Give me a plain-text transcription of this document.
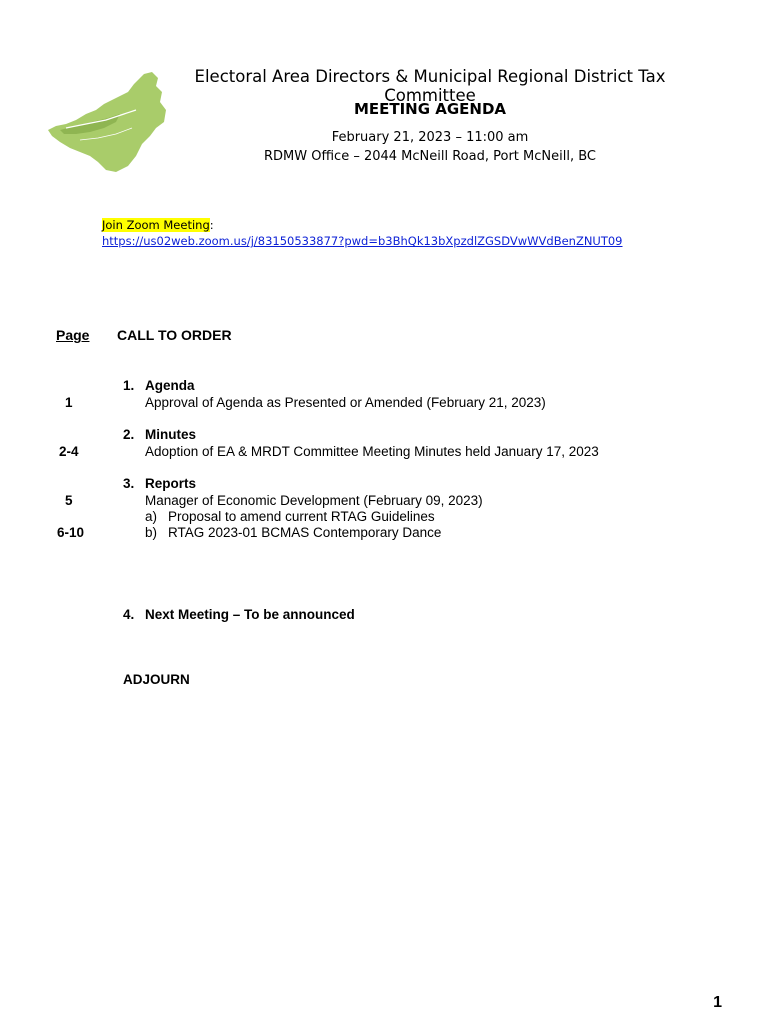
Electoral Area Directors & Municipal Regional District Tax Committee
MEETING AGENDA
February 21, 2023 – 11:00 am
RDMW Office – 2044 McNeill Road, Port McNeill, BC
Join Zoom Meeting:
https://us02web.zoom.us/j/83150533877?pwd=b3BhQk13bXpzdlZGSDVwWVdBenZNUT09
Page CALL TO ORDER
1. Agenda
Approval of Agenda as Presented or Amended (February 21, 2023)
1
2. Minutes
Adoption of EA & MRDT Committee Meeting Minutes held January 17, 2023
2-4
3. Reports
Manager of Economic Development (February 09, 2023)
5
a) Proposal to amend current RTAG Guidelines
b) RTAG 2023-01 BCMAS Contemporary Dance
6-10
4. Next Meeting – To be announced
ADJOURN
1
